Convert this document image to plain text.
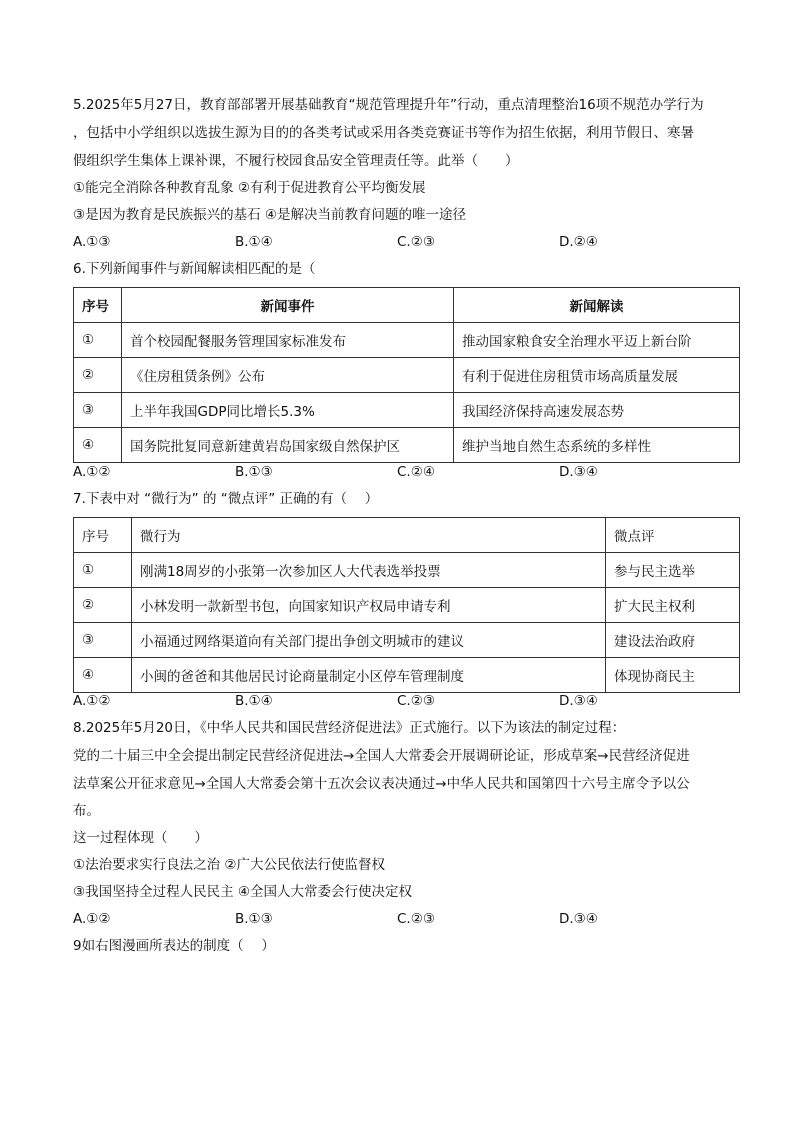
5.2025年5月27日，教育部部署开展基础教育“规范管理提升年”行动，重点清理整治16项不规范办学行为
，包括中小学组织以选拔生源为目的的各类考试或采用各类竞赛证书等作为招生依据，利用节假日、寒暑
假组织学生集体上课补课，不履行校园食品安全管理责任等。此举（　　）
①能完全消除各种教育乱象 ②有利于促进教育公平均衡发展
③是因为教育是民族振兴的基石 ④是解决当前教育问题的唯一途径
A.①③	B.①④	C.②③	D.②④
6.下列新闻事件与新闻解读相匹配的是（
序号	新闻事件	新闻解读
①	首个校园配餐服务管理国家标准发布	推动国家粮食安全治理水平迈上新台阶
②	《住房租赁条例》公布	有利于促进住房租赁市场高质量发展
③	上半年我国GDP同比增长5.3%	我国经济保持高速发展态势
④	国务院批复同意新建黄岩岛国家级自然保护区	维护当地自然生态系统的多样性
A.①②	B.①③	C.②④	D.③④
7.下表中对 “微行为” 的 “微点评” 正确的有（　 ）
序号	微行为	微点评
①	刚满18周岁的小张第一次参加区人大代表选举投票	参与民主选举
②	小林发明一款新型书包，向国家知识产权局申请专利	扩大民主权利
③	小福通过网络渠道向有关部门提出争创文明城市的建议	建设法治政府
④	小闽的爸爸和其他居民讨论商量制定小区停车管理制度	体现协商民主
A.①②	B.①④	C.②③	D.③④
8.2025年5月20日，《中华人民共和国民营经济促进法》正式施行。以下为该法的制定过程：
党的二十届三中全会提出制定民营经济促进法→全国人大常委会开展调研论证，形成草案→民营经济促进
法草案公开征求意见→全国人大常委会第十五次会议表决通过→中华人民共和国第四十六号主席令予以公
布。
这一过程体现（　　）
①法治要求实行良法之治 ②广大公民依法行使监督权
③我国坚持全过程人民民主 ④全国人大常委会行使决定权
A.①②	B.①③	C.②③	D.③④
9如右图漫画所表达的制度（　 ）
